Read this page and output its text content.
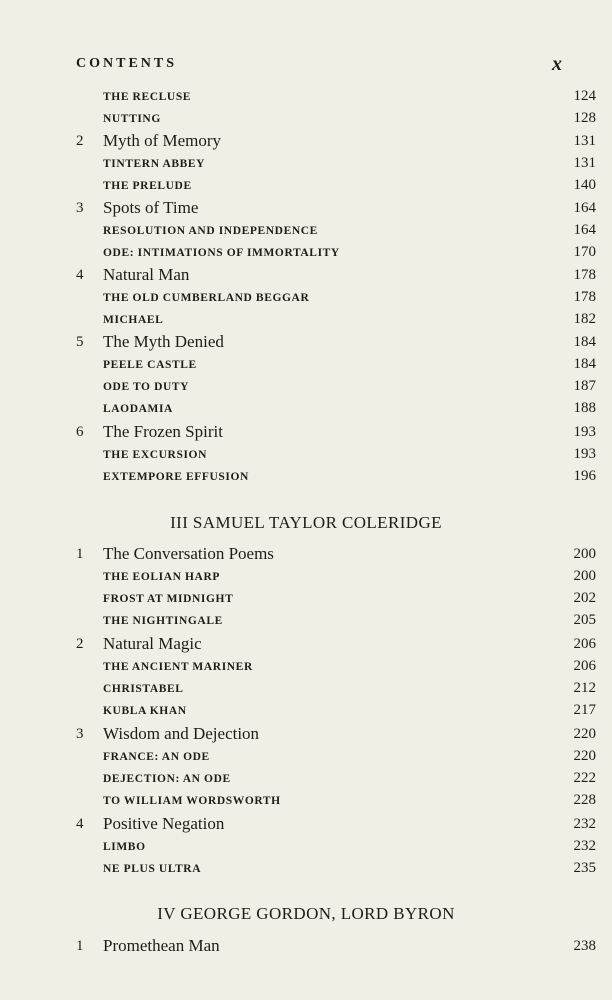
CONTENTS	x
THE RECLUSE	124
NUTTING	128
2 Myth of Memory	131
TINTERN ABBEY	131
THE PRELUDE	140
3 Spots of Time	164
RESOLUTION AND INDEPENDENCE	164
ODE: INTIMATIONS OF IMMORTALITY	170
4 Natural Man	178
THE OLD CUMBERLAND BEGGAR	178
MICHAEL	182
5 The Myth Denied	184
PEELE CASTLE	184
ODE TO DUTY	187
LAODAMIA	188
6 The Frozen Spirit	193
THE EXCURSION	193
EXTEMPORE EFFUSION	196
III SAMUEL TAYLOR COLERIDGE
1 The Conversation Poems	200
THE EOLIAN HARP	200
FROST AT MIDNIGHT	202
THE NIGHTINGALE	205
2 Natural Magic	206
THE ANCIENT MARINER	206
CHRISTABEL	212
KUBLA KHAN	217
3 Wisdom and Dejection	220
FRANCE: AN ODE	220
DEJECTION: AN ODE	222
TO WILLIAM WORDSWORTH	228
4 Positive Negation	232
LIMBO	232
NE PLUS ULTRA	235
IV GEORGE GORDON, LORD BYRON
1 Promethean Man	238
